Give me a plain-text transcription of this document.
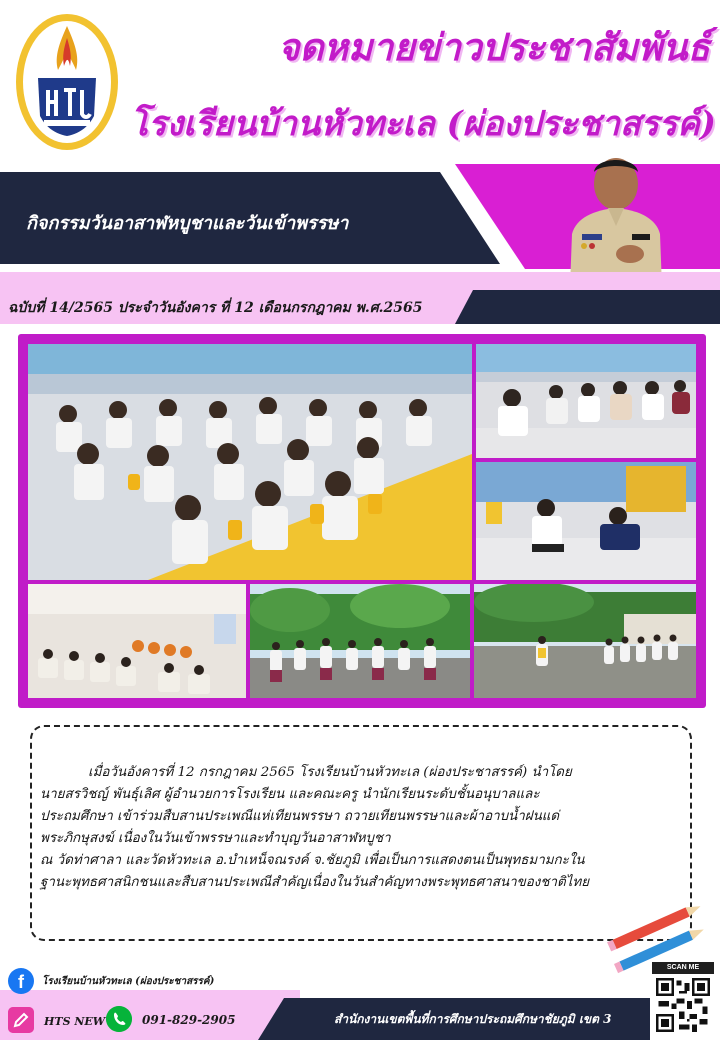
จดหมายข่าวประชาสัมพันธ์
โรงเรียนบ้านหัวทะเล (ผ่องประชาสรรค์)
กิจกรรมวันอาสาฬหบูชาและวันเข้าพรรษา
ฉบับที่ 14/2565 ประจำวันอังคาร ที่ 12 เดือนกรกฎาคม พ.ศ.2565
เมื่อวันอังคารที่ 12 กรกฎาคม 2565 โรงเรียนบ้านหัวทะเล (ผ่องประชาสรรค์) นำโดย
นายสรวิชญ์ พันธุ์เลิศ ผู้อำนวยการโรงเรียน และคณะครู นำนักเรียนระดับชั้นอนุบาลและ
ประถมศึกษา เข้าร่วมสืบสานประเพณีแห่เทียนพรรษา ถวายเทียนพรรษาและผ้าอาบน้ำฝนแด่
พระภิกษุสงฆ์ เนื่องในวันเข้าพรรษาและทำบุญวันอาสาฬหบูชา
ณ วัดท่าศาลา และวัดหัวทะเล อ.บำเหน็จณรงค์ จ.ชัยภูมิ เพื่อเป็นการแสดงตนเป็นพุทธมามกะใน
ฐานะพุทธศาสนิกชนและสืบสานประเพณีสำคัญเนื่องในวันสำคัญทางพระพุทธศาสนาของชาติไทย
f	โรงเรียนบ้านหัวทะเล (ผ่องประชาสรรค์)
HTS NEW	091-829-2905	สำนักงานเขตพื้นที่การศึกษาประถมศึกษาชัยภูมิ เขต 3
SCAN ME
